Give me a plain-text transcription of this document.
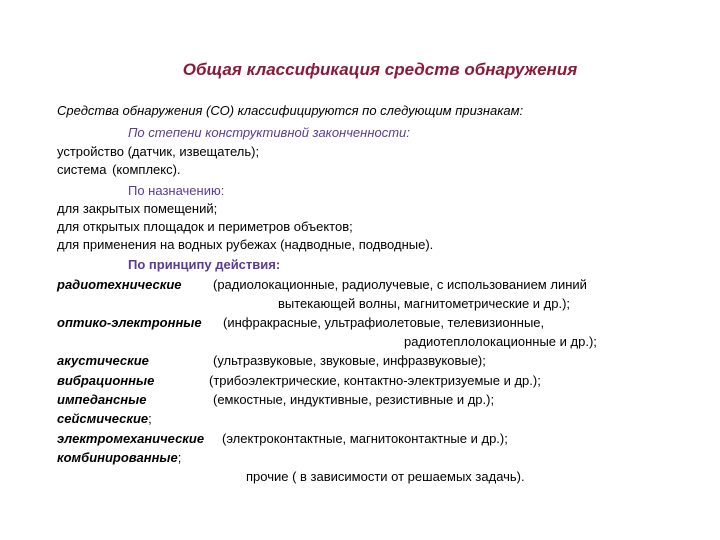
Общая классификация средств обнаружения
Средства обнаружения (СО) классифицируются по следующим признакам:
По степени конструктивной законченности:
устройство (датчик, извещатель);
система (комплекс).
По назначению:
для закрытых помещений;
для открытых площадок и периметров объектов;
для применения на водных рубежах (надводные, подводные).
По принципу действия:
радиотехнические (радиолокационные, радиолучевые, с использованием линий
вытекающей волны, магнитометрические и др.);
оптико-электронные (инфракрасные, ультрафиолетовые, телевизионные,
радиотеплолокационные и др.);
акустические	(ультразвуковые, звуковые, инфразвуковые);
вибрационные	(трибоэлектрические, контактно-электризуемые и др.);
импедансные	(емкостные, индуктивные, резистивные и др.);
сейсмические;
электромеханические (электроконтактные, магнитоконтактные и др.);
комбинированные;
прочие ( в зависимости от решаемых задачь).
